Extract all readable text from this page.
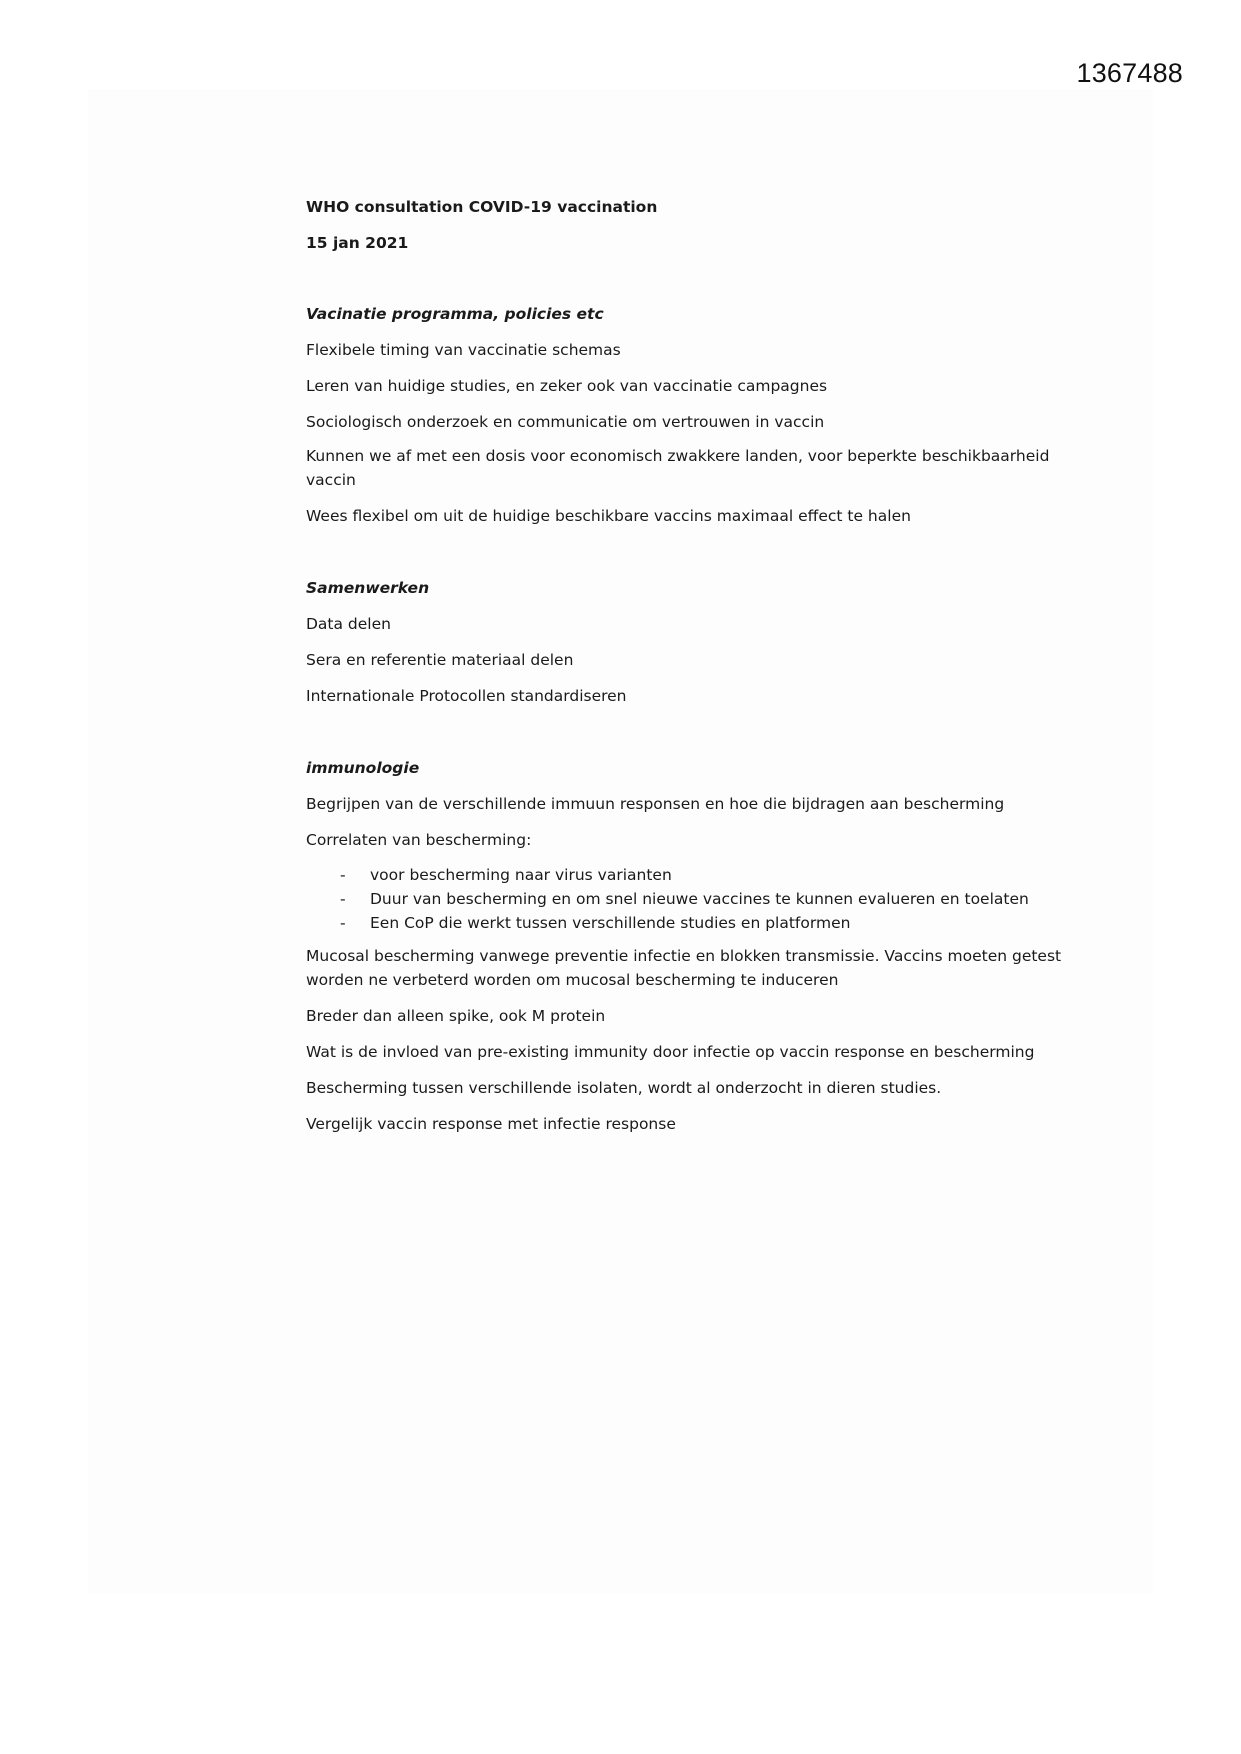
1367488
WHO consultation COVID-19 vaccination
15 jan 2021
Vacinatie programma, policies etc
Flexibele timing van vaccinatie schemas
Leren van huidige studies, en zeker ook van vaccinatie campagnes
Sociologisch onderzoek en communicatie om vertrouwen in vaccin
Kunnen we af met een dosis voor economisch zwakkere landen, voor beperkte beschikbaarheid vaccin
Wees flexibel om uit de huidige beschikbare vaccins maximaal effect te halen
Samenwerken
Data delen
Sera en referentie materiaal delen
Internationale Protocollen standardiseren
immunologie
Begrijpen van de verschillende immuun responsen en hoe die bijdragen aan bescherming
Correlaten van bescherming:
- voor bescherming naar virus varianten
- Duur van bescherming en om snel nieuwe vaccines te kunnen evalueren en toelaten
- Een CoP die werkt tussen verschillende studies en platformen
Mucosal bescherming vanwege preventie infectie en blokken transmissie. Vaccins moeten getest worden ne verbeterd worden om mucosal bescherming te induceren
Breder dan alleen spike, ook M protein
Wat is de invloed van pre-existing immunity door infectie op vaccin response en bescherming
Bescherming tussen verschillende isolaten, wordt al onderzocht in dieren studies.
Vergelijk vaccin response met infectie response
